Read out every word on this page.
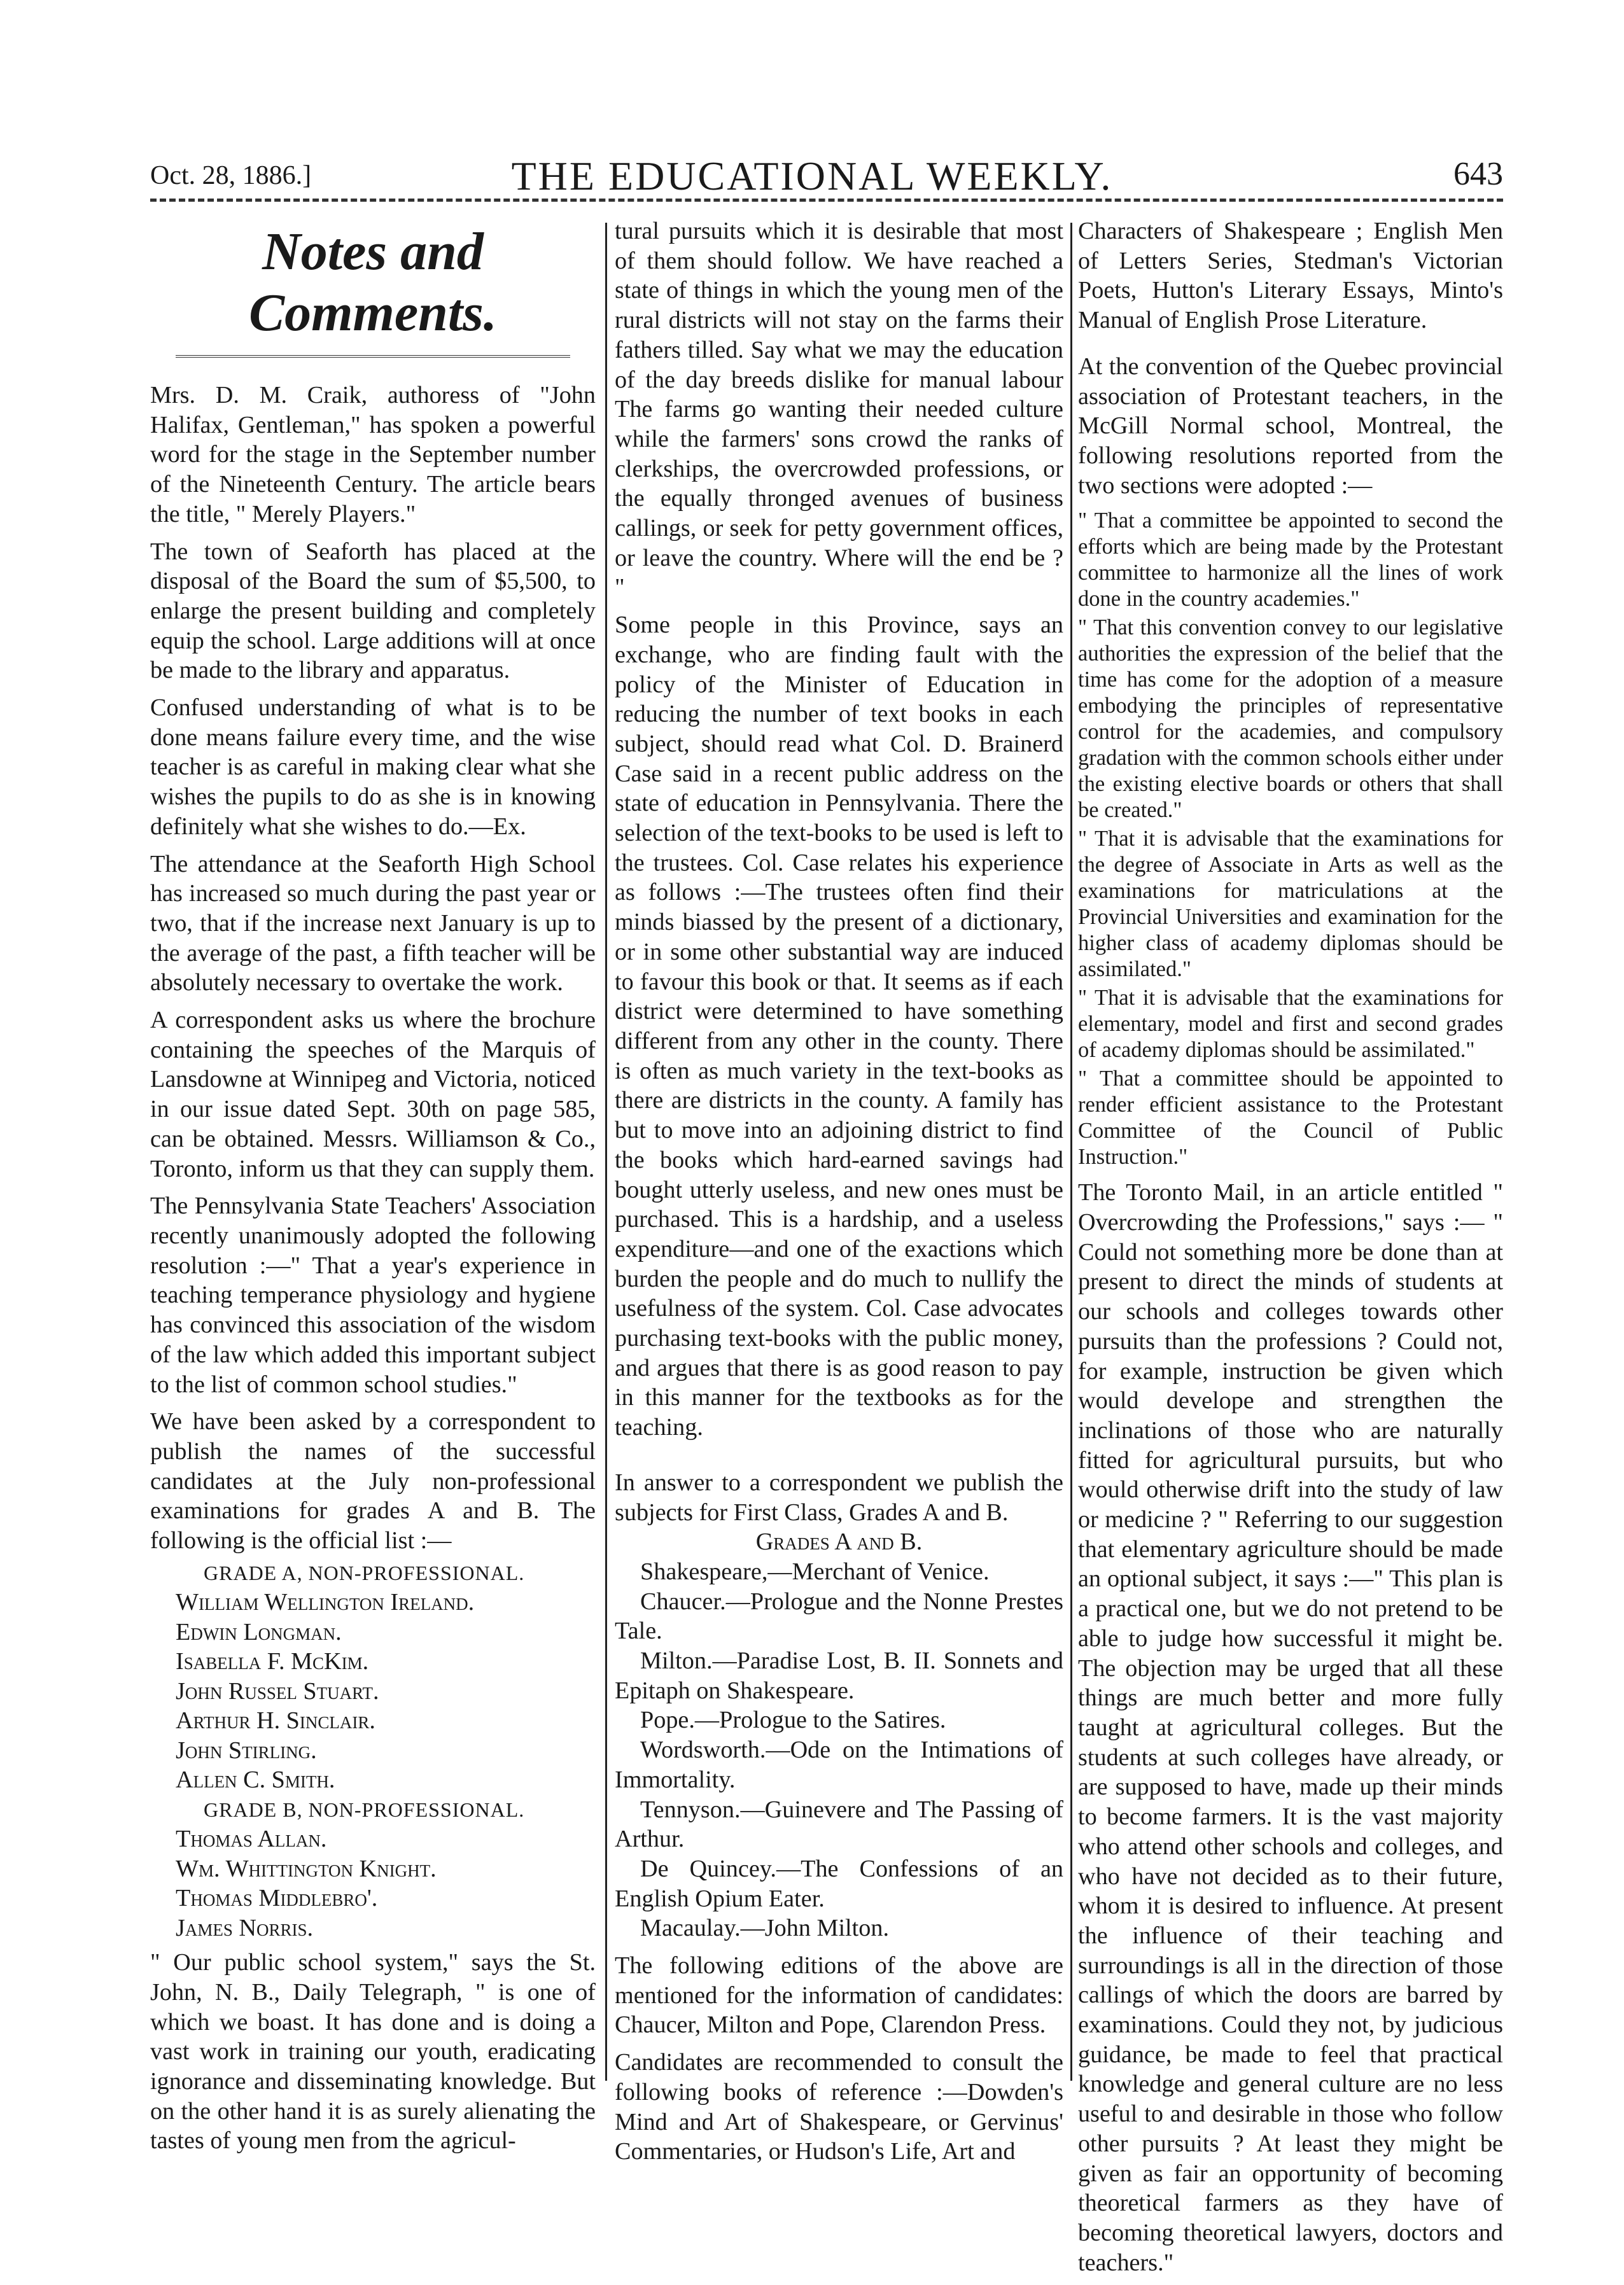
Oct. 28, 1886.]	THE EDUCATIONAL WEEKLY.	643
Notes and Comments.

Mrs. D. M. Craik, authoress of "John Halifax, Gentleman," has spoken a powerful word for the stage in the September number of the Nineteenth Century. The article bears the title, " Merely Players."

The town of Seaforth has placed at the disposal of the Board the sum of $5,500, to enlarge the present building and completely equip the school. Large additions will at once be made to the library and apparatus.

Confused understanding of what is to be done means failure every time, and the wise teacher is as careful in making clear what she wishes the pupils to do as she is in knowing definitely what she wishes to do.—Ex.

The attendance at the Seaforth High School has increased so much during the past year or two, that if the increase next January is up to the average of the past, a fifth teacher will be absolutely necessary to overtake the work.

A correspondent asks us where the brochure containing the speeches of the Marquis of Lansdowne at Winnipeg and Victoria, noticed in our issue dated Sept. 30th on page 585, can be obtained. Messrs. Williamson & Co., Toronto, inform us that they can supply them.

The Pennsylvania State Teachers' Association recently unanimously adopted the following resolution :—" That a year's experience in teaching temperance physiology and hygiene has convinced this association of the wisdom of the law which added this important subject to the list of common school studies."

We have been asked by a correspondent to publish the names of the successful candidates at the July non-professional examinations for grades A and B. The following is the official list :—

GRADE A, NON-PROFESSIONAL.
William Wellington Ireland.
Edwin Longman.
Isabella F. McKim.
John Russel Stuart.
Arthur H. Sinclair.
John Stirling.
Allen C. Smith.
GRADE B, NON-PROFESSIONAL.
Thomas Allan.
Wm. Whittington Knight.
Thomas Middlebro'.
James Norris.

" Our public school system," says the St. John, N. B., Daily Telegraph, " is one of which we boast. It has done and is doing a vast work in training our youth, eradicating ignorance and disseminating knowledge. But on the other hand it is as surely alienating the tastes of young men from the agricul-

tural pursuits which it is desirable that most of them should follow. We have reached a state of things in which the young men of the rural districts will not stay on the farms their fathers tilled. Say what we may the education of the day breeds dislike for manual labour The farms go wanting their needed culture while the farmers' sons crowd the ranks of clerkships, the overcrowded professions, or the equally thronged avenues of business callings, or seek for petty government offices, or leave the country. Where will the end be ? "

Some people in this Province, says an exchange, who are finding fault with the policy of the Minister of Education in reducing the number of text books in each subject, should read what Col. D. Brainerd Case said in a recent public address on the state of education in Pennsylvania. There the selection of the text-books to be used is left to the trustees. Col. Case relates his experience as follows :—The trustees often find their minds biassed by the present of a dictionary, or in some other substantial way are induced to favour this book or that. It seems as if each district were determined to have something different from any other in the county. There is often as much variety in the text-books as there are districts in the county. A family has but to move into an adjoining district to find the books which hard-earned savings had bought utterly useless, and new ones must be purchased. This is a hardship, and a useless expenditure—and one of the exactions which burden the people and do much to nullify the usefulness of the system. Col. Case advocates purchasing text-books with the public money, and argues that there is as good reason to pay in this manner for the textbooks as for the teaching.

In answer to a correspondent we publish the subjects for First Class, Grades A and B.

Grades A and B.

Shakespeare,—Merchant of Venice.

Chaucer.—Prologue and the Nonne Prestes Tale.

Milton.—Paradise Lost, B. II. Sonnets and Epitaph on Shakespeare.

Pope.—Prologue to the Satires.

Wordsworth.—Ode on the Intimations of Immortality.

Tennyson.—Guinevere and The Passing of Arthur.

De Quincey.—The Confessions of an English Opium Eater.

Macaulay.—John Milton.

The following editions of the above are mentioned for the information of candidates: Chaucer, Milton and Pope, Clarendon Press.

Candidates are recommended to consult the following books of reference :—Dowden's Mind and Art of Shakespeare, or Gervinus' Commentaries, or Hudson's Life, Art and

Characters of Shakespeare ; English Men of Letters Series, Stedman's Victorian Poets, Hutton's Literary Essays, Minto's Manual of English Prose Literature.

At the convention of the Quebec provincial association of Protestant teachers, in the McGill Normal school, Montreal, the following resolutions reported from the two sections were adopted :—

" That a committee be appointed to second the efforts which are being made by the Protestant committee to harmonize all the lines of work done in the country academies."

" That this convention convey to our legislative authorities the expression of the belief that the time has come for the adoption of a measure embodying the principles of representative control for the academies, and compulsory gradation with the common schools either under the existing elective boards or others that shall be created."

" That it is advisable that the examinations for the degree of Associate in Arts as well as the examinations for matriculations at the Provincial Universities and examination for the higher class of academy diplomas should be assimilated."

" That it is advisable that the examinations for elementary, model and first and second grades of academy diplomas should be assimilated."

" That a committee should be appointed to render efficient assistance to the Protestant Committee of the Council of Public Instruction."

The Toronto Mail, in an article entitled " Overcrowding the Professions," says :— " Could not something more be done than at present to direct the minds of students at our schools and colleges towards other pursuits than the professions ? Could not, for example, instruction be given which would develope and strengthen the inclinations of those who are naturally fitted for agricultural pursuits, but who would otherwise drift into the study of law or medicine ? " Referring to our suggestion that elementary agriculture should be made an optional subject, it says :—" This plan is a practical one, but we do not pretend to be able to judge how successful it might be. The objection may be urged that all these things are much better and more fully taught at agricultural colleges. But the students at such colleges have already, or are supposed to have, made up their minds to become farmers. It is the vast majority who attend other schools and colleges, and who have not decided as to their future, whom it is desired to influence. At present the influence of their teaching and surroundings is all in the direction of those callings of which the doors are barred by examinations. Could they not, by judicious guidance, be made to feel that practical knowledge and general culture are no less useful to and desirable in those who follow other pursuits ? At least they might be given as fair an opportunity of becoming theoretical farmers as they have of becoming theoretical lawyers, doctors and teachers."
